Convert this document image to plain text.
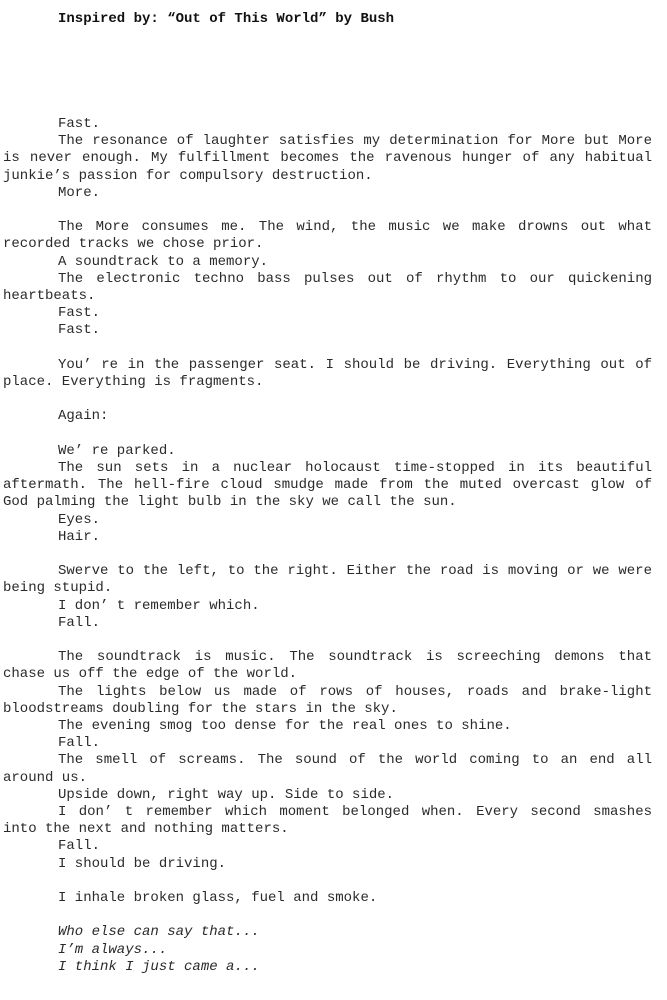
Inspired by: “Out of This World” by Bush

Fast.

The resonance of laughter satisfies my determination for More but More is never enough. My fulfillment becomes the ravenous hunger of any habitual junkie’s passion for compulsory destruction.

More.

The More consumes me. The wind, the music we make drowns out what recorded tracks we chose prior.

A soundtrack to a memory.

The electronic techno bass pulses out of rhythm to our quickening heartbeats.

Fast.

Fast.

You’ re in the passenger seat. I should be driving. Everything out of place. Everything is fragments.

Again:

We’ re parked.

The sun sets in a nuclear holocaust time-stopped in its beautiful aftermath. The hell-fire cloud smudge made from the muted overcast glow of God palming the light bulb in the sky we call the sun.

Eyes.

Hair.

Swerve to the left, to the right. Either the road is moving or we were being stupid.

I don’ t remember which.

Fall.

The soundtrack is music. The soundtrack is screeching demons that chase us off the edge of the world.

The lights below us made of rows of houses, roads and brake-light bloodstreams doubling for the stars in the sky.

The evening smog too dense for the real ones to shine.

Fall.

The smell of screams. The sound of the world coming to an end all around us.

Upside down, right way up. Side to side.

I don’ t remember which moment belonged when. Every second smashes into the next and nothing matters.

Fall.

I should be driving.

I inhale broken glass, fuel and smoke.

Who else can say that...

I’m always...

I think I just came a...
